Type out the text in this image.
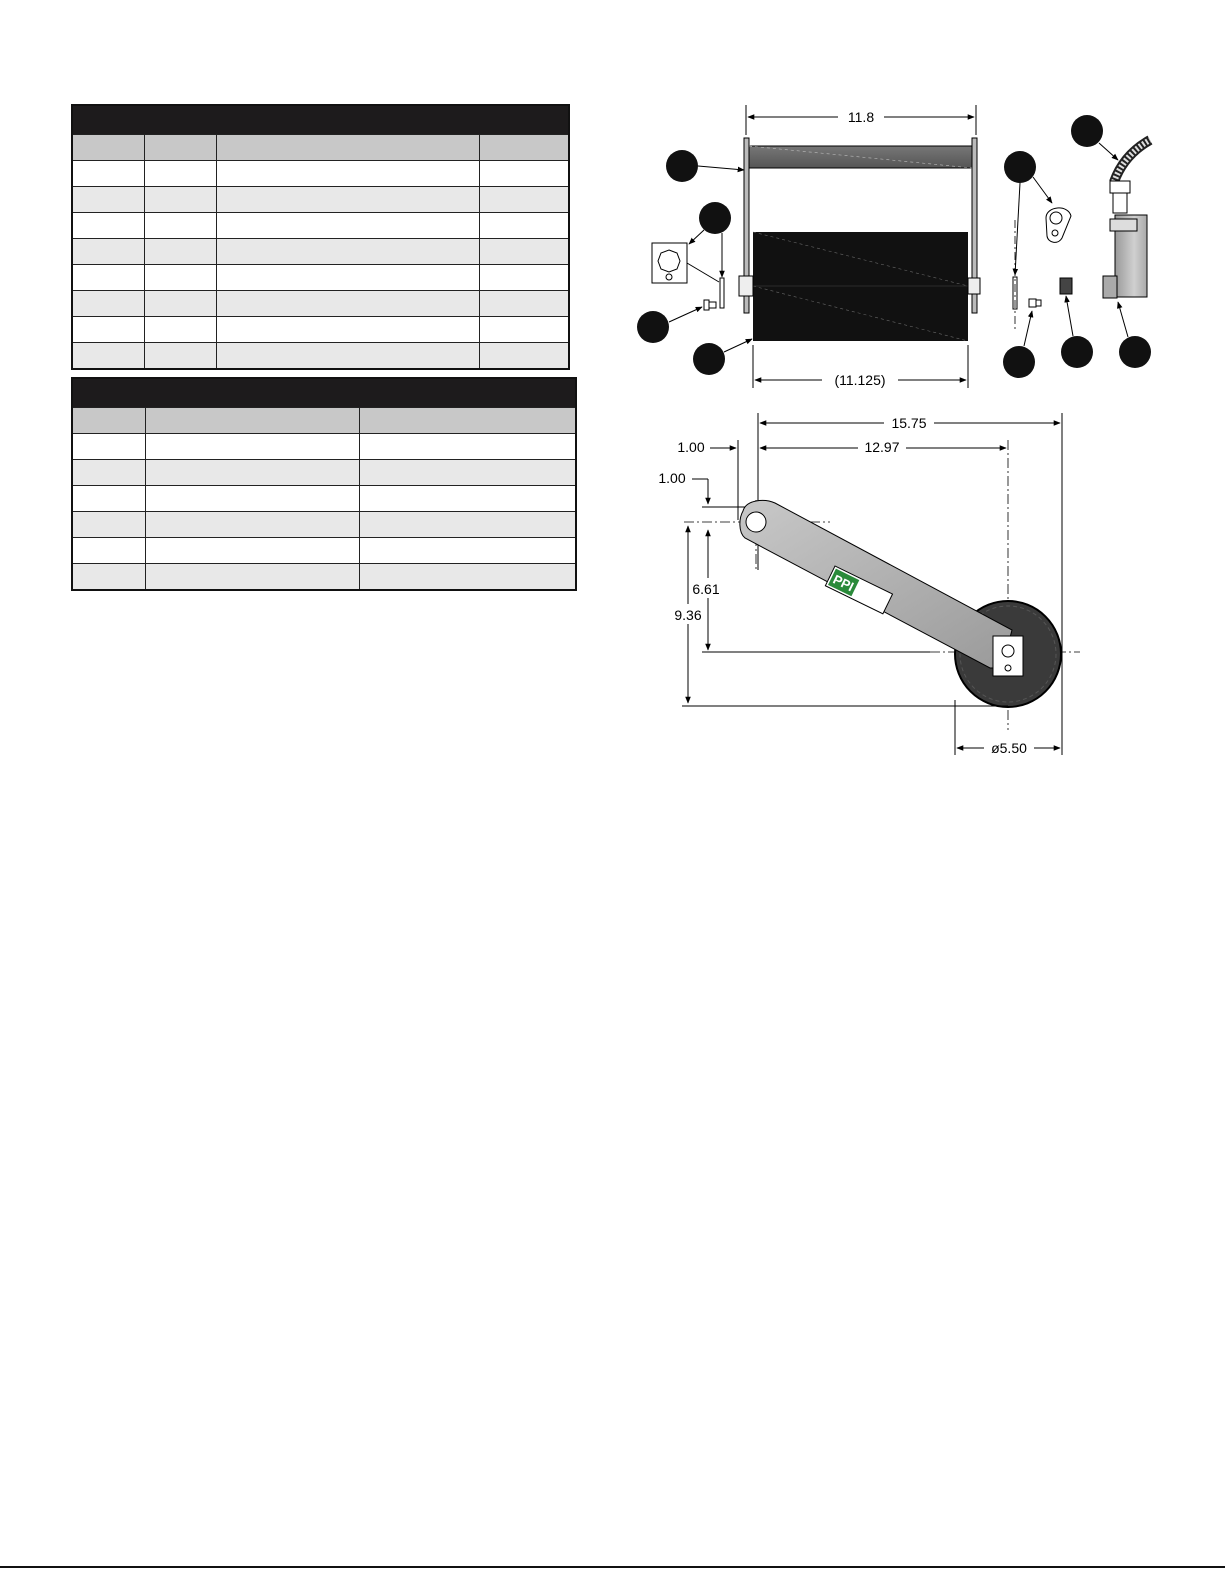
11.8
(11.125)
15.75
1.00	12.97
1.00
PPI
6.61
9.36
ø5.50
